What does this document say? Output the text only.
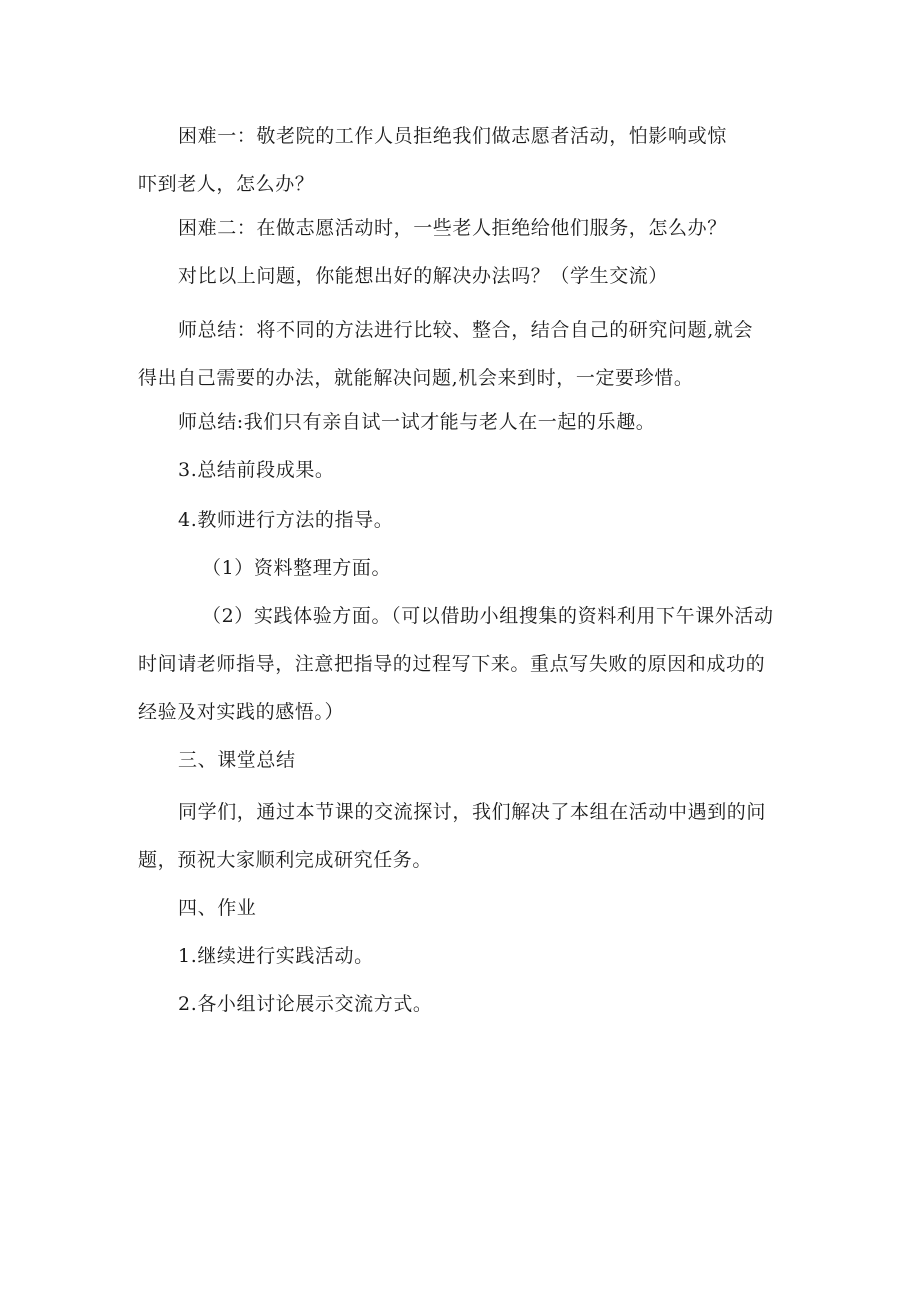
困难一：敬老院的工作人员拒绝我们做志愿者活动，怕影响或惊
吓到老人，怎么办？

困难二：在做志愿活动时，一些老人拒绝给他们服务，怎么办？

对比以上问题，你能想出好的解决办法吗？（学生交流）

师总结：将不同的方法进行比较、整合，结合自己的研究问题,就会
得出自己需要的办法，就能解决问题,机会来到时，一定要珍惜。

师总结:我们只有亲自试一试才能与老人在一起的乐趣。

3.总结前段成果。

4.教师进行方法的指导。

（1）资料整理方面。

（2）实践体验方面。（可以借助小组搜集的资料利用下午课外活动
时间请老师指导，注意把指导的过程写下来。重点写失败的原因和成功的
经验及对实践的感悟。）

三、课堂总结

同学们，通过本节课的交流探讨，我们解决了本组在活动中遇到的问
题，预祝大家顺利完成研究任务。

四、作业

1.继续进行实践活动。

2.各小组讨论展示交流方式。
